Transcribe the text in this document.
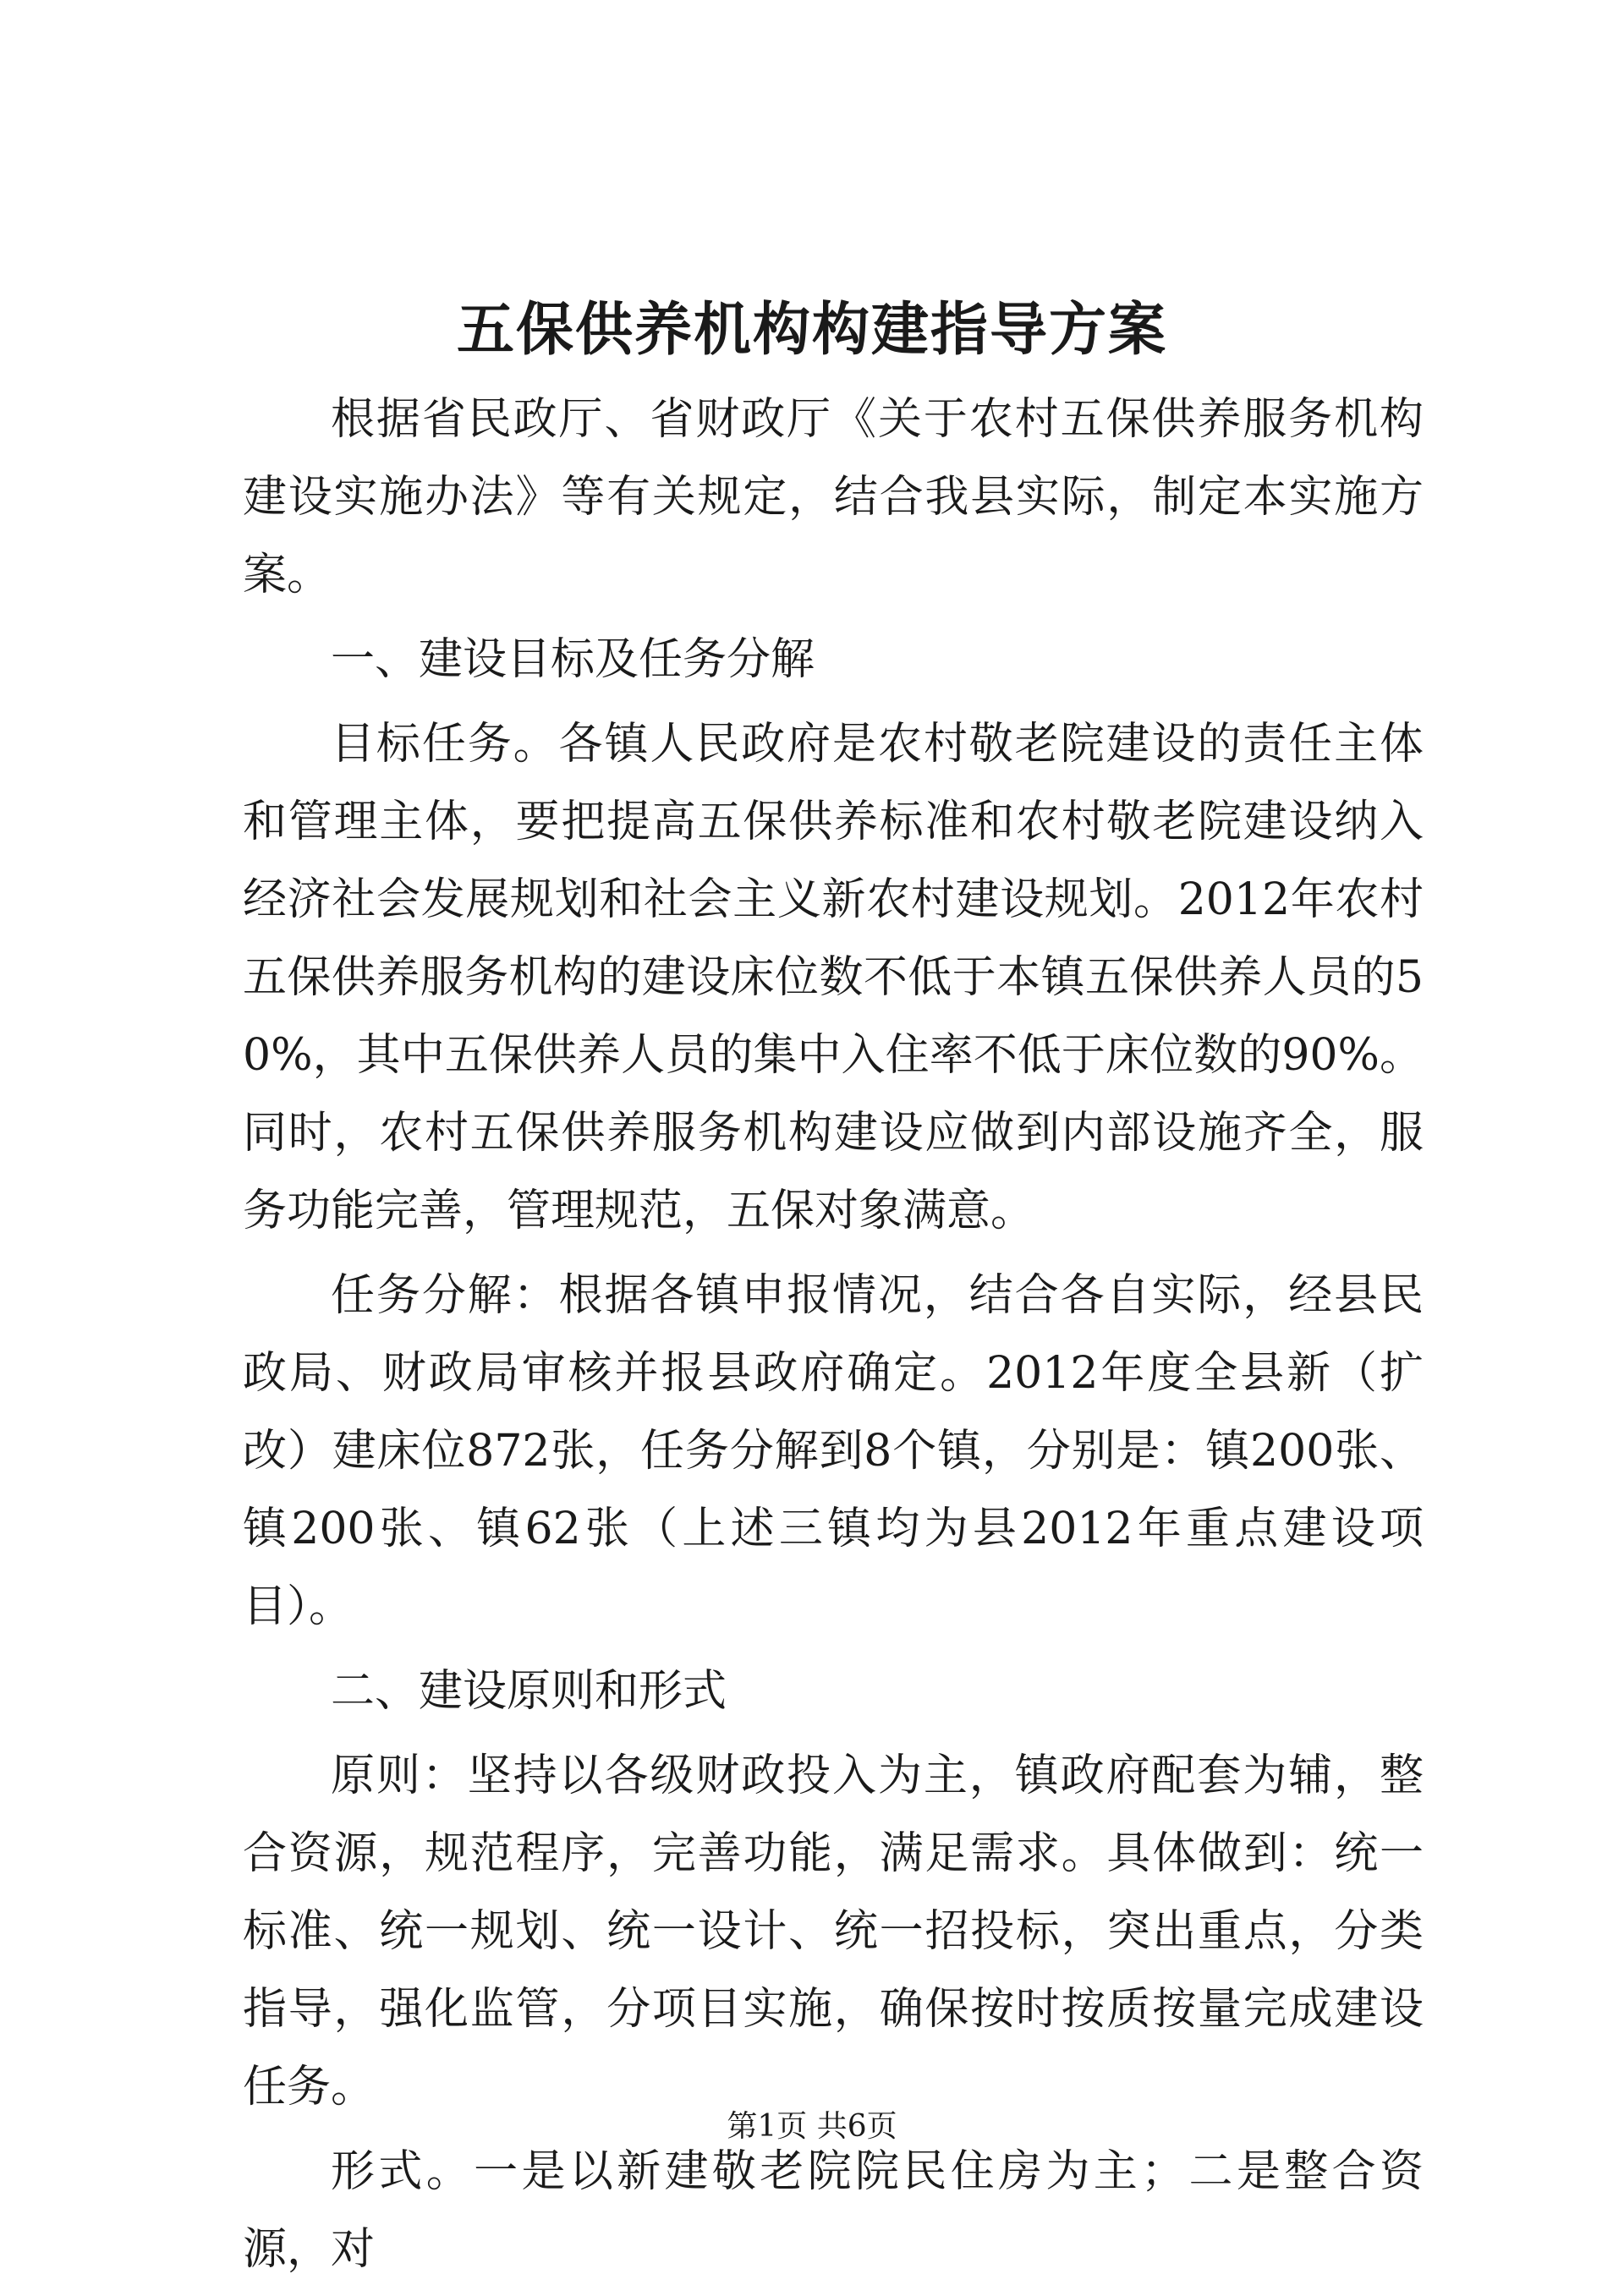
五保供养机构构建指导方案

根据省民政厅、省财政厅《关于农村五保供养服务机构建设实施办法》等有关规定，结合我县实际，制定本实施方案。

一、建设目标及任务分解

目标任务。各镇人民政府是农村敬老院建设的责任主体和管理主体，要把提高五保供养标准和农村敬老院建设纳入经济社会发展规划和社会主义新农村建设规划。2012年农村五保供养服务机构的建设床位数不低于本镇五保供养人员的50%，其中五保供养人员的集中入住率不低于床位数的90%。同时，农村五保供养服务机构建设应做到内部设施齐全，服务功能完善，管理规范，五保对象满意。

任务分解：根据各镇申报情况，结合各自实际，经县民政局、财政局审核并报县政府确定。2012年度全县新（扩改）建床位872张，任务分解到8个镇，分别是：镇200张、镇200张、镇62张（上述三镇均为县2012年重点建设项目）。

二、建设原则和形式

原则：坚持以各级财政投入为主，镇政府配套为辅，整合资源，规范程序，完善功能，满足需求。具体做到：统一标准、统一规划、统一设计、统一招投标，突出重点，分类指导，强化监管，分项目实施，确保按时按质按量完成建设任务。

形式。一是以新建敬老院院民住房为主；二是整合资源，对

第1页 共6页
